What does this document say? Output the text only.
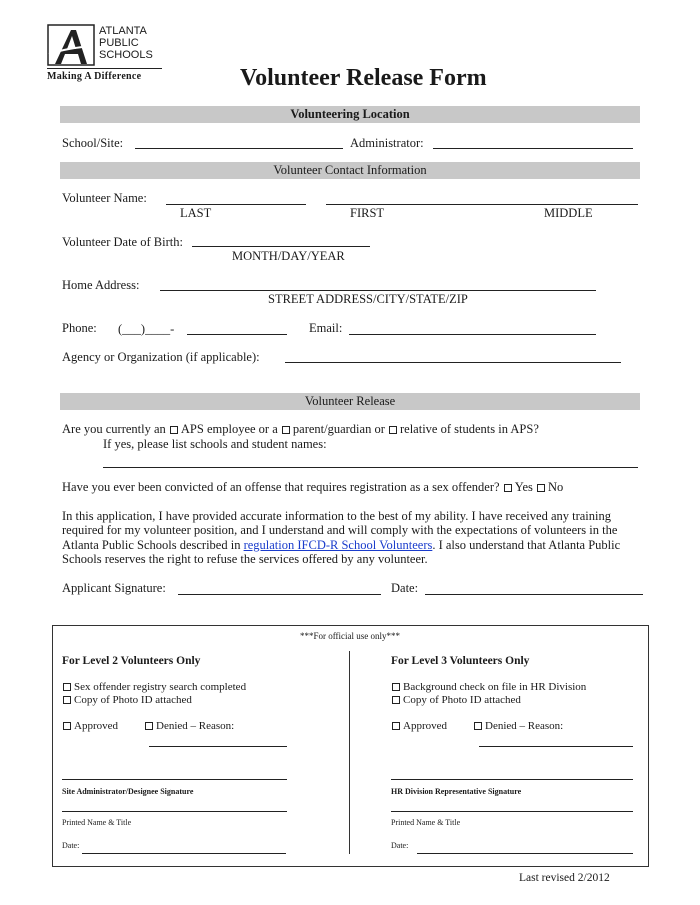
ATLANTA
PUBLIC
SCHOOLS
Making A Difference	Volunteer Release Form
Volunteering Location
School/Site:	Administrator:
Volunteer Contact Information
Volunteer Name:
LAST	FIRST	MIDDLE
Volunteer Date of Birth:
MONTH/DAY/YEAR
Home Address:
STREET ADDRESS/CITY/STATE/ZIP
Phone: (___)____-	Email:
Agency or Organization (if applicable):
Volunteer Release
Are you currently an APS employee or a parent/guardian or relative of students in APS?
If yes, please list schools and student names:
Have you ever been convicted of an offense that requires registration as a sex offender? Yes No
In this application, I have provided accurate information to the best of my ability. I have received any training required for my volunteer position, and I understand and will comply with the expectations of volunteers in the Atlanta Public Schools described in regulation IFCD-R School Volunteers. I also understand that Atlanta Public Schools reserves the right to refuse the services offered by any volunteer.
Applicant Signature:	Date:
***For official use only***
For Level 2 Volunteers Only
Sex offender registry search completed
Copy of Photo ID attached
Approved	Denied – Reason:
Site Administrator/Designee Signature
Printed Name & Title
Date:
For Level 3 Volunteers Only
Background check on file in HR Division
Copy of Photo ID attached
Approved	Denied – Reason:
HR Division Representative Signature
Printed Name & Title
Date:
Last revised 2/2012
